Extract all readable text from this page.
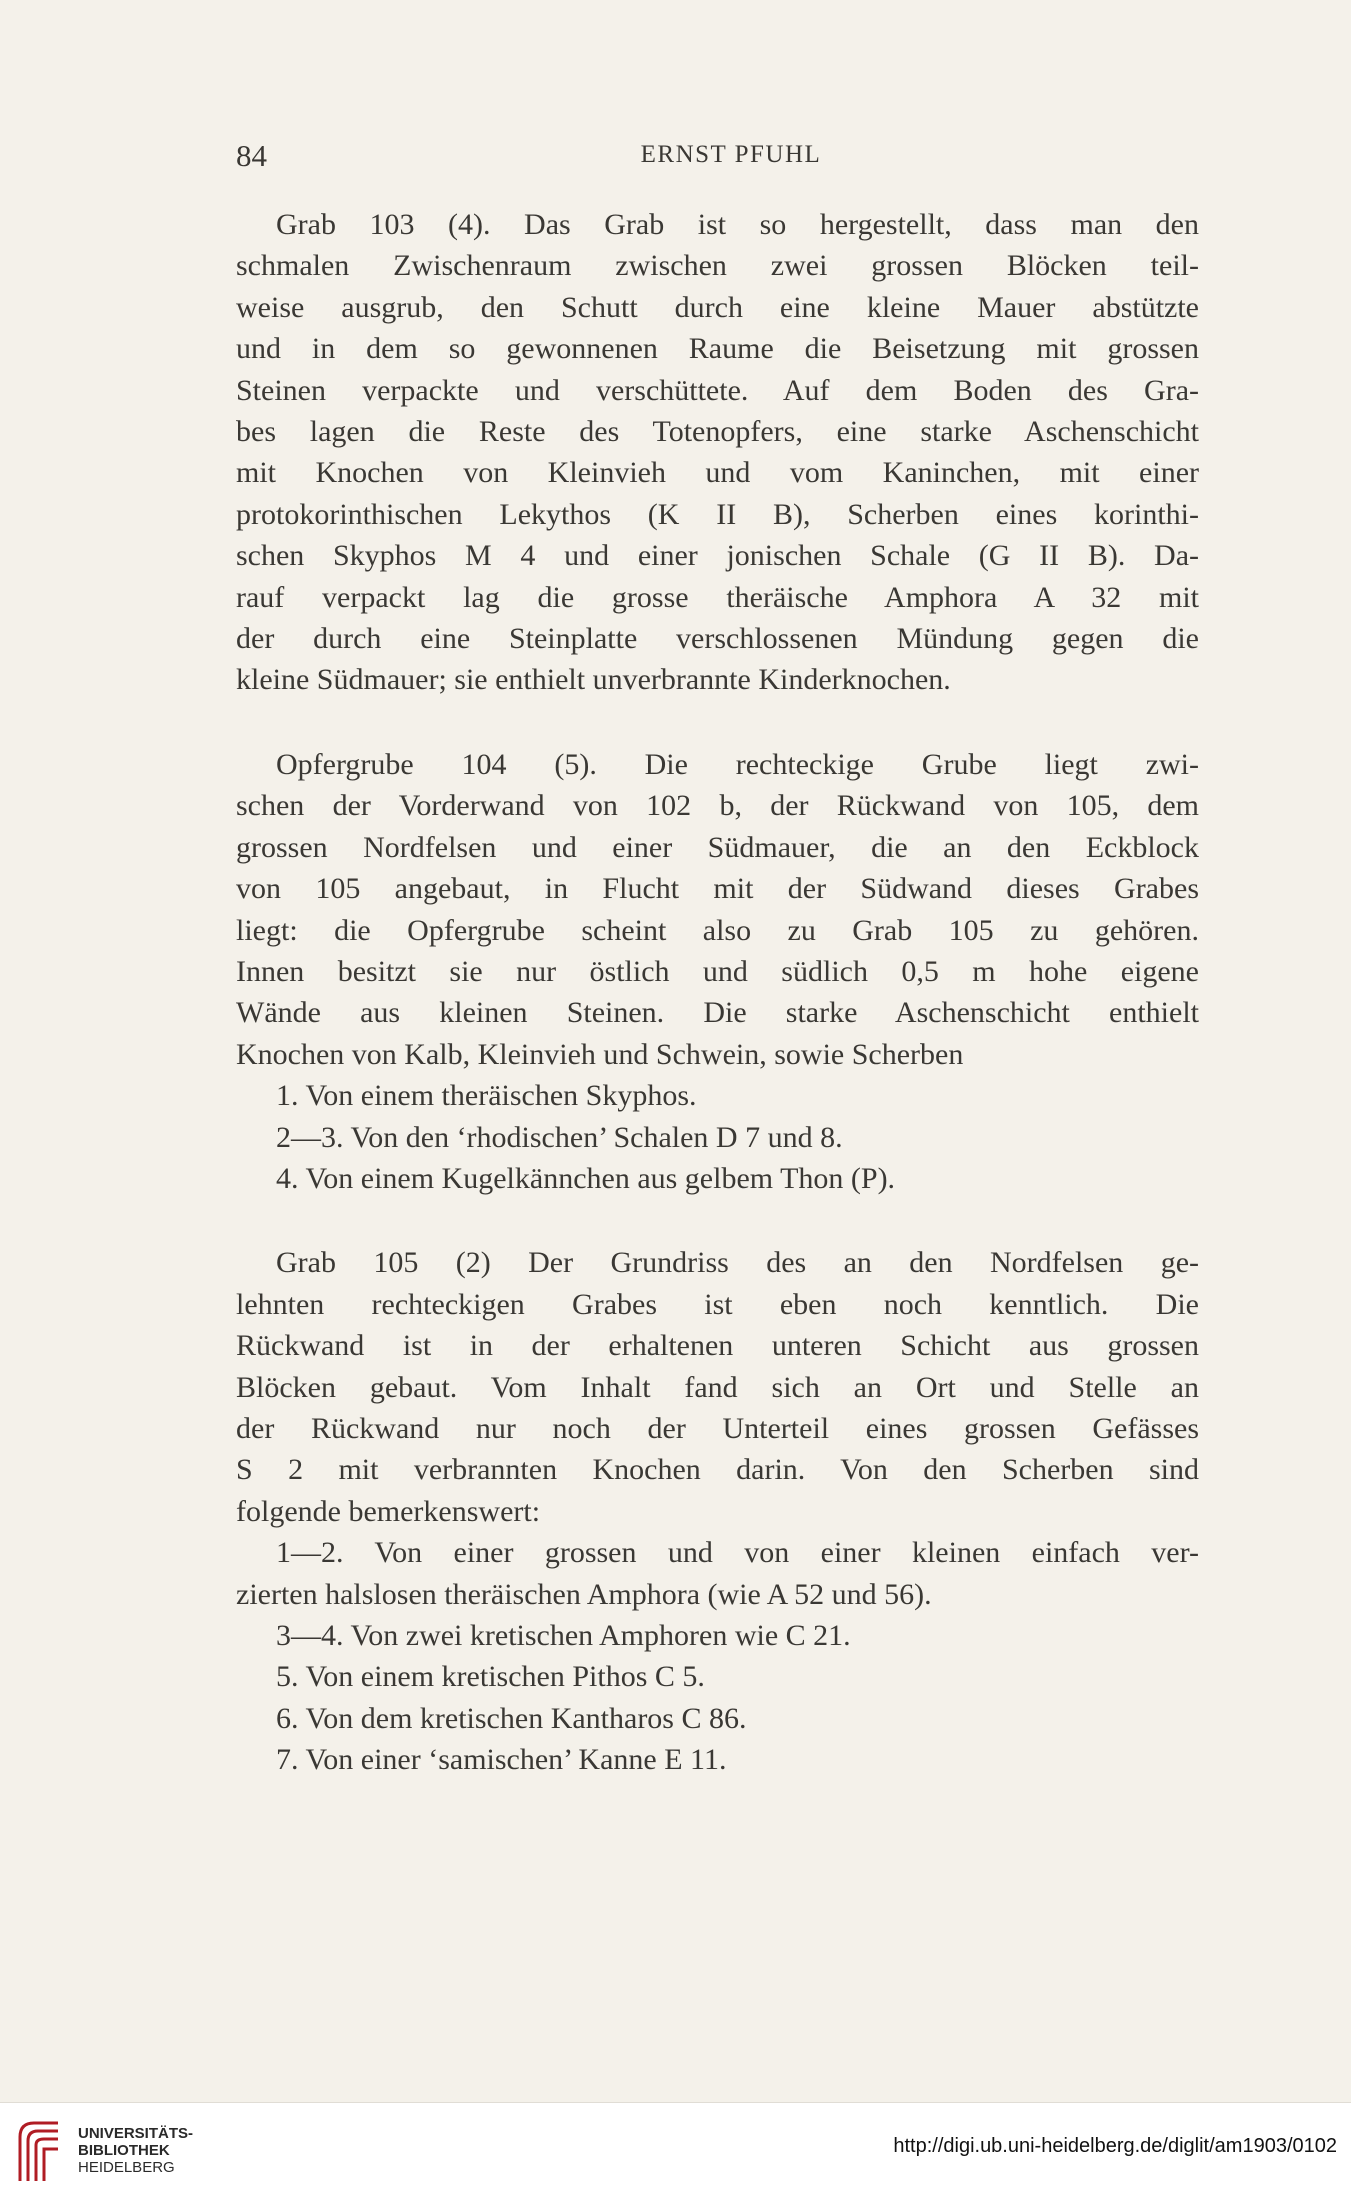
84	ERNST PFUHL

Grab 103 (4). Das Grab ist so hergestellt, dass man den

schmalen Zwischenraum zwischen zwei grossen Blöcken teil-

weise ausgrub, den Schutt durch eine kleine Mauer abstützte

und in dem so gewonnenen Raume die Beisetzung mit grossen

Steinen verpackte und verschüttete. Auf dem Boden des Gra-

bes lagen die Reste des Totenopfers, eine starke Aschenschicht

mit Knochen von Kleinvieh und vom Kaninchen, mit einer

protokorinthischen Lekythos (K II B), Scherben eines korinthi-

schen Skyphos M 4 und einer jonischen Schale (G II B). Da-

rauf verpackt lag die grosse theräische Amphora A 32 mit

der durch eine Steinplatte verschlossenen Mündung gegen die

kleine Südmauer; sie enthielt unverbrannte Kinderknochen.

Opfergrube 104 (5). Die rechteckige Grube liegt zwi-

schen der Vorderwand von 102 b, der Rückwand von 105, dem

grossen Nordfelsen und einer Südmauer, die an den Eckblock

von 105 angebaut, in Flucht mit der Südwand dieses Grabes

liegt: die Opfergrube scheint also zu Grab 105 zu gehören.

Innen besitzt sie nur östlich und südlich 0,5 m hohe eigene

Wände aus kleinen Steinen. Die starke Aschenschicht enthielt

Knochen von Kalb, Kleinvieh und Schwein, sowie Scherben

1. Von einem theräischen Skyphos.

2—3. Von den ‘rhodischen’ Schalen D 7 und 8.

4. Von einem Kugelkännchen aus gelbem Thon (P).

Grab 105 (2) Der Grundriss des an den Nordfelsen ge-

lehnten rechteckigen Grabes ist eben noch kenntlich. Die

Rückwand ist in der erhaltenen unteren Schicht aus grossen

Blöcken gebaut. Vom Inhalt fand sich an Ort und Stelle an

der Rückwand nur noch der Unterteil eines grossen Gefässes

S 2 mit verbrannten Knochen darin. Von den Scherben sind

folgende bemerkenswert:

1—2. Von einer grossen und von einer kleinen einfach ver-

zierten halslosen theräischen Amphora (wie A 52 und 56).

3—4. Von zwei kretischen Amphoren wie C 21.

5. Von einem kretischen Pithos C 5.

6. Von dem kretischen Kantharos C 86.

7. Von einer ‘samischen’ Kanne E 11.

UNIVERSITÄTS-
BIBLIOTHEK
HEIDELBERG
http://digi.ub.uni-heidelberg.de/diglit/am1903/0102
